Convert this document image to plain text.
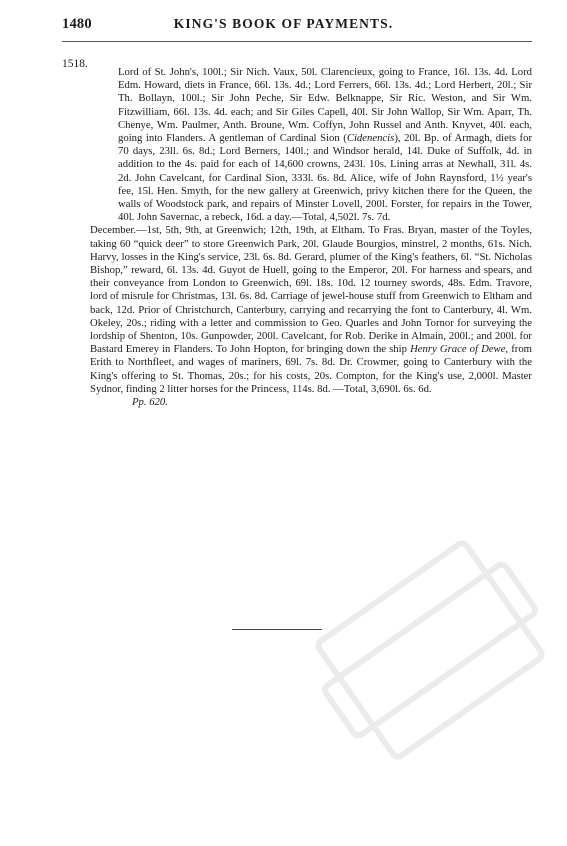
1480	KING'S BOOK OF PAYMENTS.
1518.

Lord of St. John's, 100l.; Sir Nich. Vaux, 50l. Clarencieux, going to France, 16l. 13s. 4d. Lord Edm. Howard, diets in France, 66l. 13s. 4d.; Lord Ferrers, 66l. 13s. 4d.; Lord Herbert, 20l.; Sir Th. Bollayn, 100l.; Sir John Peche, Sir Edw. Belknappe, Sir Ric. Weston, and Sir Wm. Fitzwilliam, 66l. 13s. 4d. each; and Sir Giles Capell, 40l. Sir John Wallop, Sir Wm. Aparr, Th. Chenye, Wm. Paulmer, Anth. Broune, Wm. Coffyn, John Russel and Anth. Knyvet, 40l. each, going into Flanders. A gentleman of Cardinal Sion (Cidenencis), 20l. Bp. of Armagh, diets for 70 days, 23ll. 6s. 8d.; Lord Berners, 140l.; and Windsor herald, 14l. Duke of Suffolk, 4d. in addition to the 4s. paid for each of 14,600 crowns, 243l. 10s. Lining arras at Newhall, 31l. 4s. 2d. John Cavelcant, for Cardinal Sion, 333l. 6s. 8d. Alice, wife of John Raynsford, 1½ year's fee, 15l. Hen. Smyth, for the new gallery at Greenwich, privy kitchen there for the Queen, the walls of Woodstock park, and repairs of Minster Lovell, 200l. Forster, for repairs in the Tower, 40l. John Savernac, a rebeck, 16d. a day.—Total, 4,502l. 7s. 7d.

December.—1st, 5th, 9th, at Greenwich; 12th, 19th, at Eltham. To Fras. Bryan, master of the Toyles, taking 60 “quick deer” to store Greenwich Park, 20l. Glaude Bourgios, minstrel, 2 months, 61s. Nich. Harvy, losses in the King's service, 23l. 6s. 8d. Gerard, plumer of the King's feathers, 6l. “St. Nicholas Bishop,” reward, 6l. 13s. 4d. Guyot de Huell, going to the Emperor, 20l. For harness and spears, and their conveyance from London to Greenwich, 69l. 18s. 10d. 12 tourney swords, 48s. Edm. Travore, lord of misrule for Christmas, 13l. 6s. 8d. Carriage of jewel-house stuff from Greenwich to Eltham and back, 12d. Prior of Christchurch, Canterbury, carrying and recarrying the font to Canterbury, 4l. Wm. Okeley, 20s.; riding with a letter and commission to Geo. Quarles and John Tornor for surveying the lordship of Shenton, 10s. Gunpowder, 200l. Cavelcant, for Rob. Derike in Almain, 200l.; and 200l. for Bastard Emerey in Flanders. To John Hopton, for bringing down the ship Henry Grace of Dewe, from Erith to Northfleet, and wages of mariners, 69l. 7s. 8d. Dr. Crowmer, going to Canterbury with the King's offering to St. Thomas, 20s.; for his costs, 20s. Compton, for the King's use, 2,000l. Master Sydnor, finding 2 litter horses for the Princess, 114s. 8d. —Total, 3,690l. 6s. 6d.

Pp. 620.
